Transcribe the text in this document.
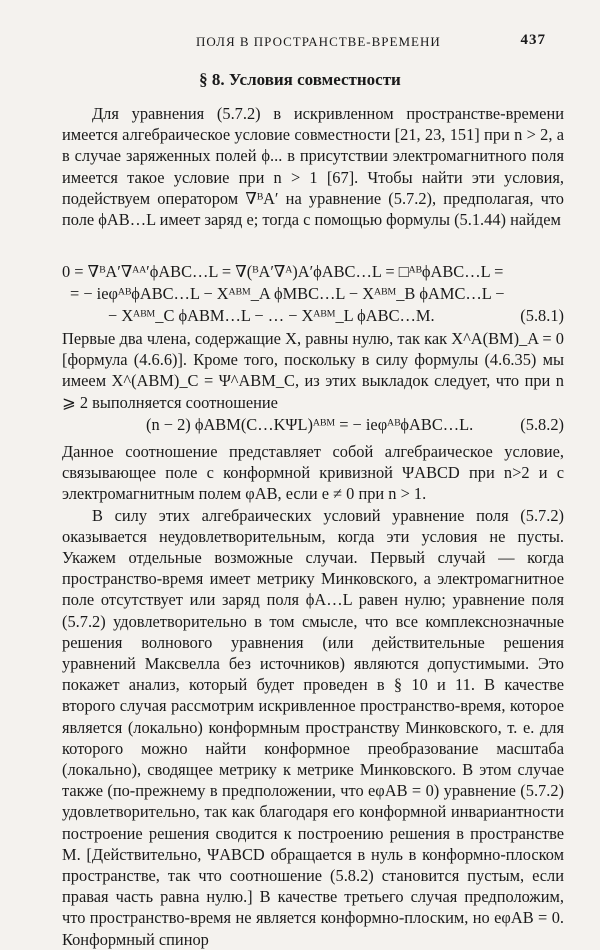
ПОЛЯ В ПРОСТРАНСТВЕ-ВРЕМЕНИ	437
§ 8. Условия совместности

Для уравнения (5.7.2) в искривленном пространстве-времени имеется алгебраическое условие совместности [21, 23, 151] при n > 2, а в случае заряженных полей ϕ... в присутствии электромагнитного поля имеется такое условие при n > 1 [67]. Чтобы найти эти условия, подействуем оператором ∇ᴮA′ на уравнение (5.7.2), предполагая, что поле ϕAB…L имеет заряд e; тогда с помощью формулы (5.1.44) найдем

0 = ∇ᴮA′∇ᴬᴬ′ϕABC…L = ∇(ᴮA′∇ᴬ)A′ϕABC…L = □ᴬᴮϕABC…L =
= − ieφᴬᴮϕABC…L − Xᴬᴮᴹ_A ϕMBC…L − Xᴬᴮᴹ_B ϕAMC…L −
− Xᴬᴮᴹ_C ϕABM…L − … − Xᴬᴮᴹ_L ϕABC…M.	(5.8.1)

Первые два члена, содержащие X, равны нулю, так как X^A(BM)_A = 0 [формула (4.6.6)]. Кроме того, поскольку в силу формулы (4.6.35) мы имеем X^(ABM)_C = Ψ^ABM_C, из этих выкладок следует, что при n ⩾ 2 выполняется соотношение

(n − 2) ϕABM(C…KΨL)ᴬᴮᴹ = − ieφᴬᴮϕABC…L.	(5.8.2)

Данное соотношение представляет собой алгебраическое условие, связывающее поле с конформной кривизной ΨABCD при n>2 и с электромагнитным полем φAB, если e ≠ 0 при n > 1.

В силу этих алгебраических условий уравнение поля (5.7.2) оказывается неудовлетворительным, когда эти условия не пусты. Укажем отдельные возможные случаи. Первый случай — когда пространство-время имеет метрику Минковского, а электромагнитное поле отсутствует или заряд поля ϕA…L равен нулю; уравнение поля (5.7.2) удовлетворительно в том смысле, что все комплекснозначные решения волнового уравнения (или действительные решения уравнений Максвелла без источников) являются допустимыми. Это покажет анализ, который будет проведен в § 10 и 11. В качестве второго случая рассмотрим искривленное пространство-время, которое является (локально) конформным пространству Минковского, т. е. для которого можно найти конформное преобразование масштаба (локально), сводящее метрику к метрике Минковского. В этом случае также (по-прежнему в предположении, что eφAB = 0) уравнение (5.7.2) удовлетворительно, так как благодаря его конформной инвариантности построение решения сводится к построению решения в пространстве M. [Действительно, ΨABCD обращается в нуль в конформно-плоском пространстве, так что соотношение (5.8.2) становится пустым, если правая часть равна нулю.] В качестве третьего случая предположим, что пространство-время не является конформно-плоским, но eφAB = 0. Конформный спинор
